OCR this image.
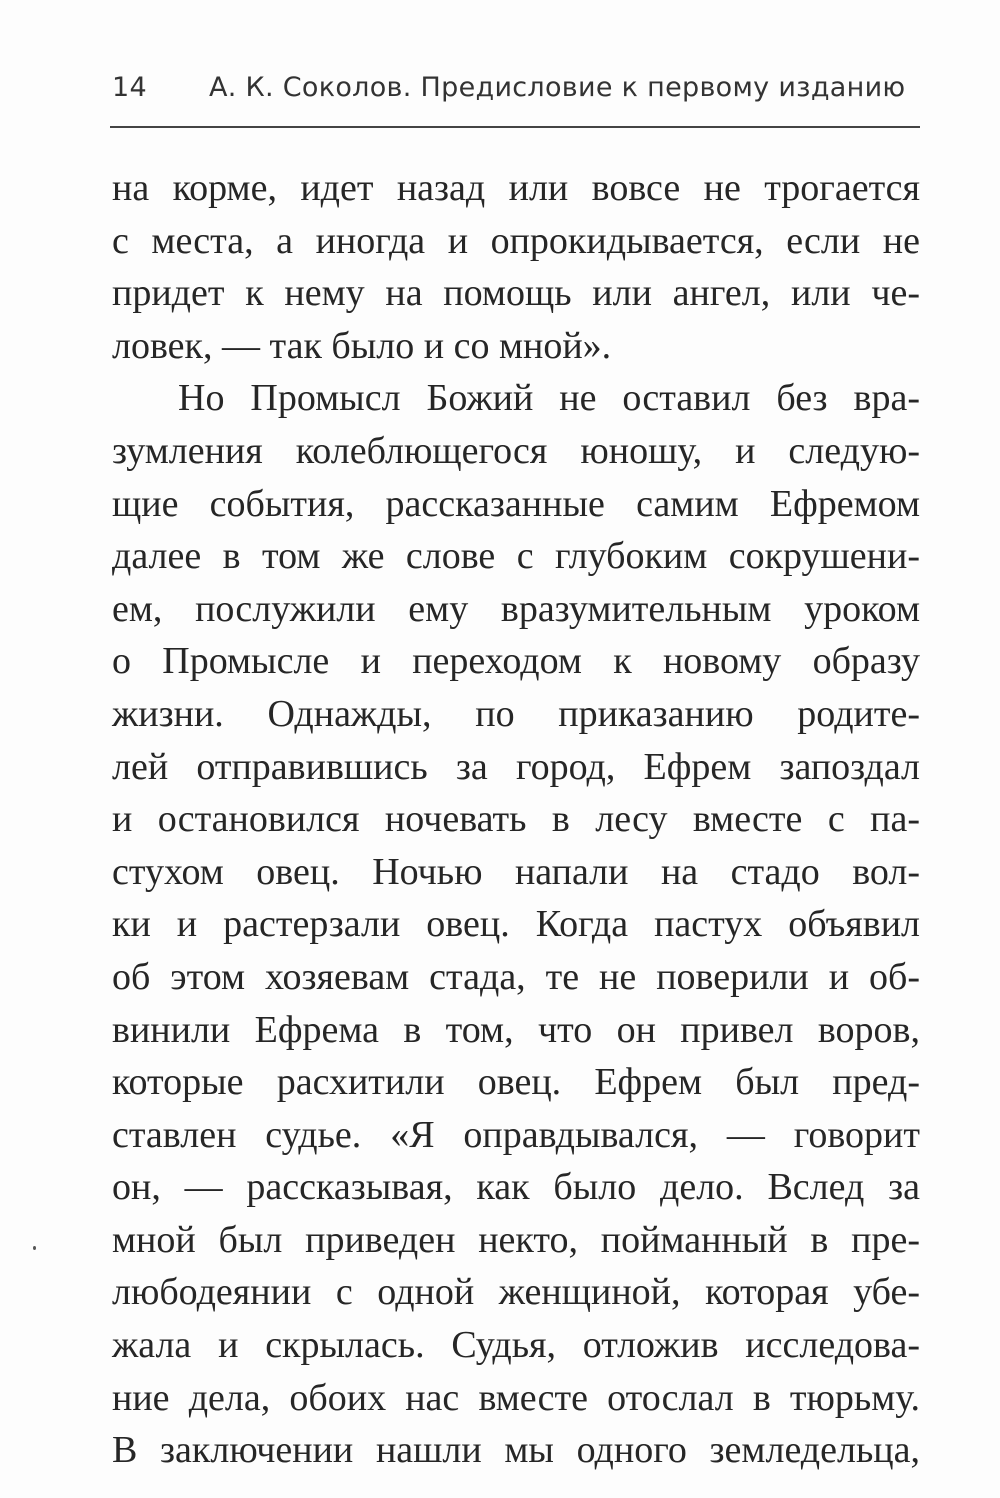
14 А. К. Соколов. Предисловие к первому изданию
на корме, идет назад или вовсе не трогается
с места, а иногда и опрокидывается, если не
придет к нему на помощь или ангел, или че-
ловек, — так было и со мной».
Но Промысл Божий не оставил без вра-
зумления колеблющегося юношу, и следую-
щие события, рассказанные самим Ефремом
далее в том же слове с глубоким сокрушени-
ем, послужили ему вразумительным уроком
о Промысле и переходом к новому образу
жизни. Однажды, по приказанию родите-
лей отправившись за город, Ефрем запоздал
и остановился ночевать в лесу вместе с па-
стухом овец. Ночью напали на стадо вол-
ки и растерзали овец. Когда пастух объявил
об этом хозяевам стада, те не поверили и об-
винили Ефрема в том, что он привел воров,
которые расхитили овец. Ефрем был пред-
ставлен судье. «Я оправдывался, — говорит
он, — рассказывая, как было дело. Вслед за
мной был приведен некто, пойманный в пре-
любодеянии с одной женщиной, которая убе-
жала и скрылась. Судья, отложив исследова-
ние дела, обоих нас вместе отослал в тюрьму.
В заключении нашли мы одного земледельца,
